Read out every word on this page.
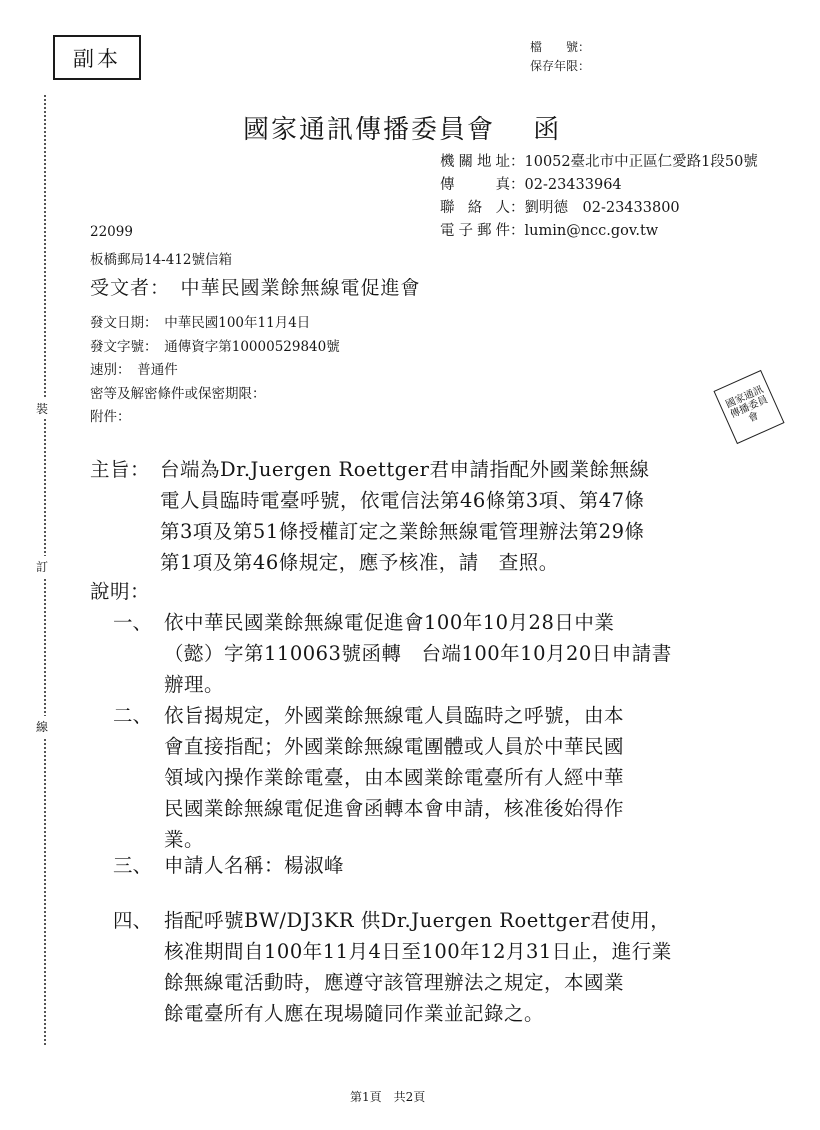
副本	檔　　號：
保存年限：
國家通訊傳播委員會　 函
機關地址：10052臺北市中正區仁愛路1段50號
傳　　真：02-23433964
聯 絡 人：劉明德　02-23433800
電子郵件：lumin@ncc.gov.tw
22099
板橋郵局14-412號信箱
受文者：　中華民國業餘無線電促進會
發文日期：　中華民國100年11月4日
發文字號：　通傳資字第10000529840號
速別：　普通件
密等及解密條件或保密期限：
附件：
主旨： 台端為Dr.Juergen Roettger君申請指配外國業餘無線
電人員臨時電臺呼號，依電信法第46條第3項、第47條
第3項及第51條授權訂定之業餘無線電管理辦法第29條
第1項及第46條規定，應予核准，請　查照。
說明：
一、 依中華民國業餘無線電促進會100年10月28日中業
（懿）字第110063號函轉　台端100年10月20日申請書
辦理。
二、 依旨揭規定，外國業餘無線電人員臨時之呼號，由本
會直接指配；外國業餘無線電團體或人員於中華民國
領域內操作業餘電臺，由本國業餘電臺所有人經中華
民國業餘無線電促進會函轉本會申請，核准後始得作
業。
三、 申請人名稱：楊淑峰
四、 指配呼號BW/DJ3KR 供Dr.Juergen Roettger君使用，
核准期間自100年11月4日至100年12月31日止，進行業
餘無線電活動時，應遵守該管理辦法之規定，本國業
餘電臺所有人應在現場隨同作業並記錄之。
裝
訂
線
國家通訊傳播委員會
第1頁　共2頁
